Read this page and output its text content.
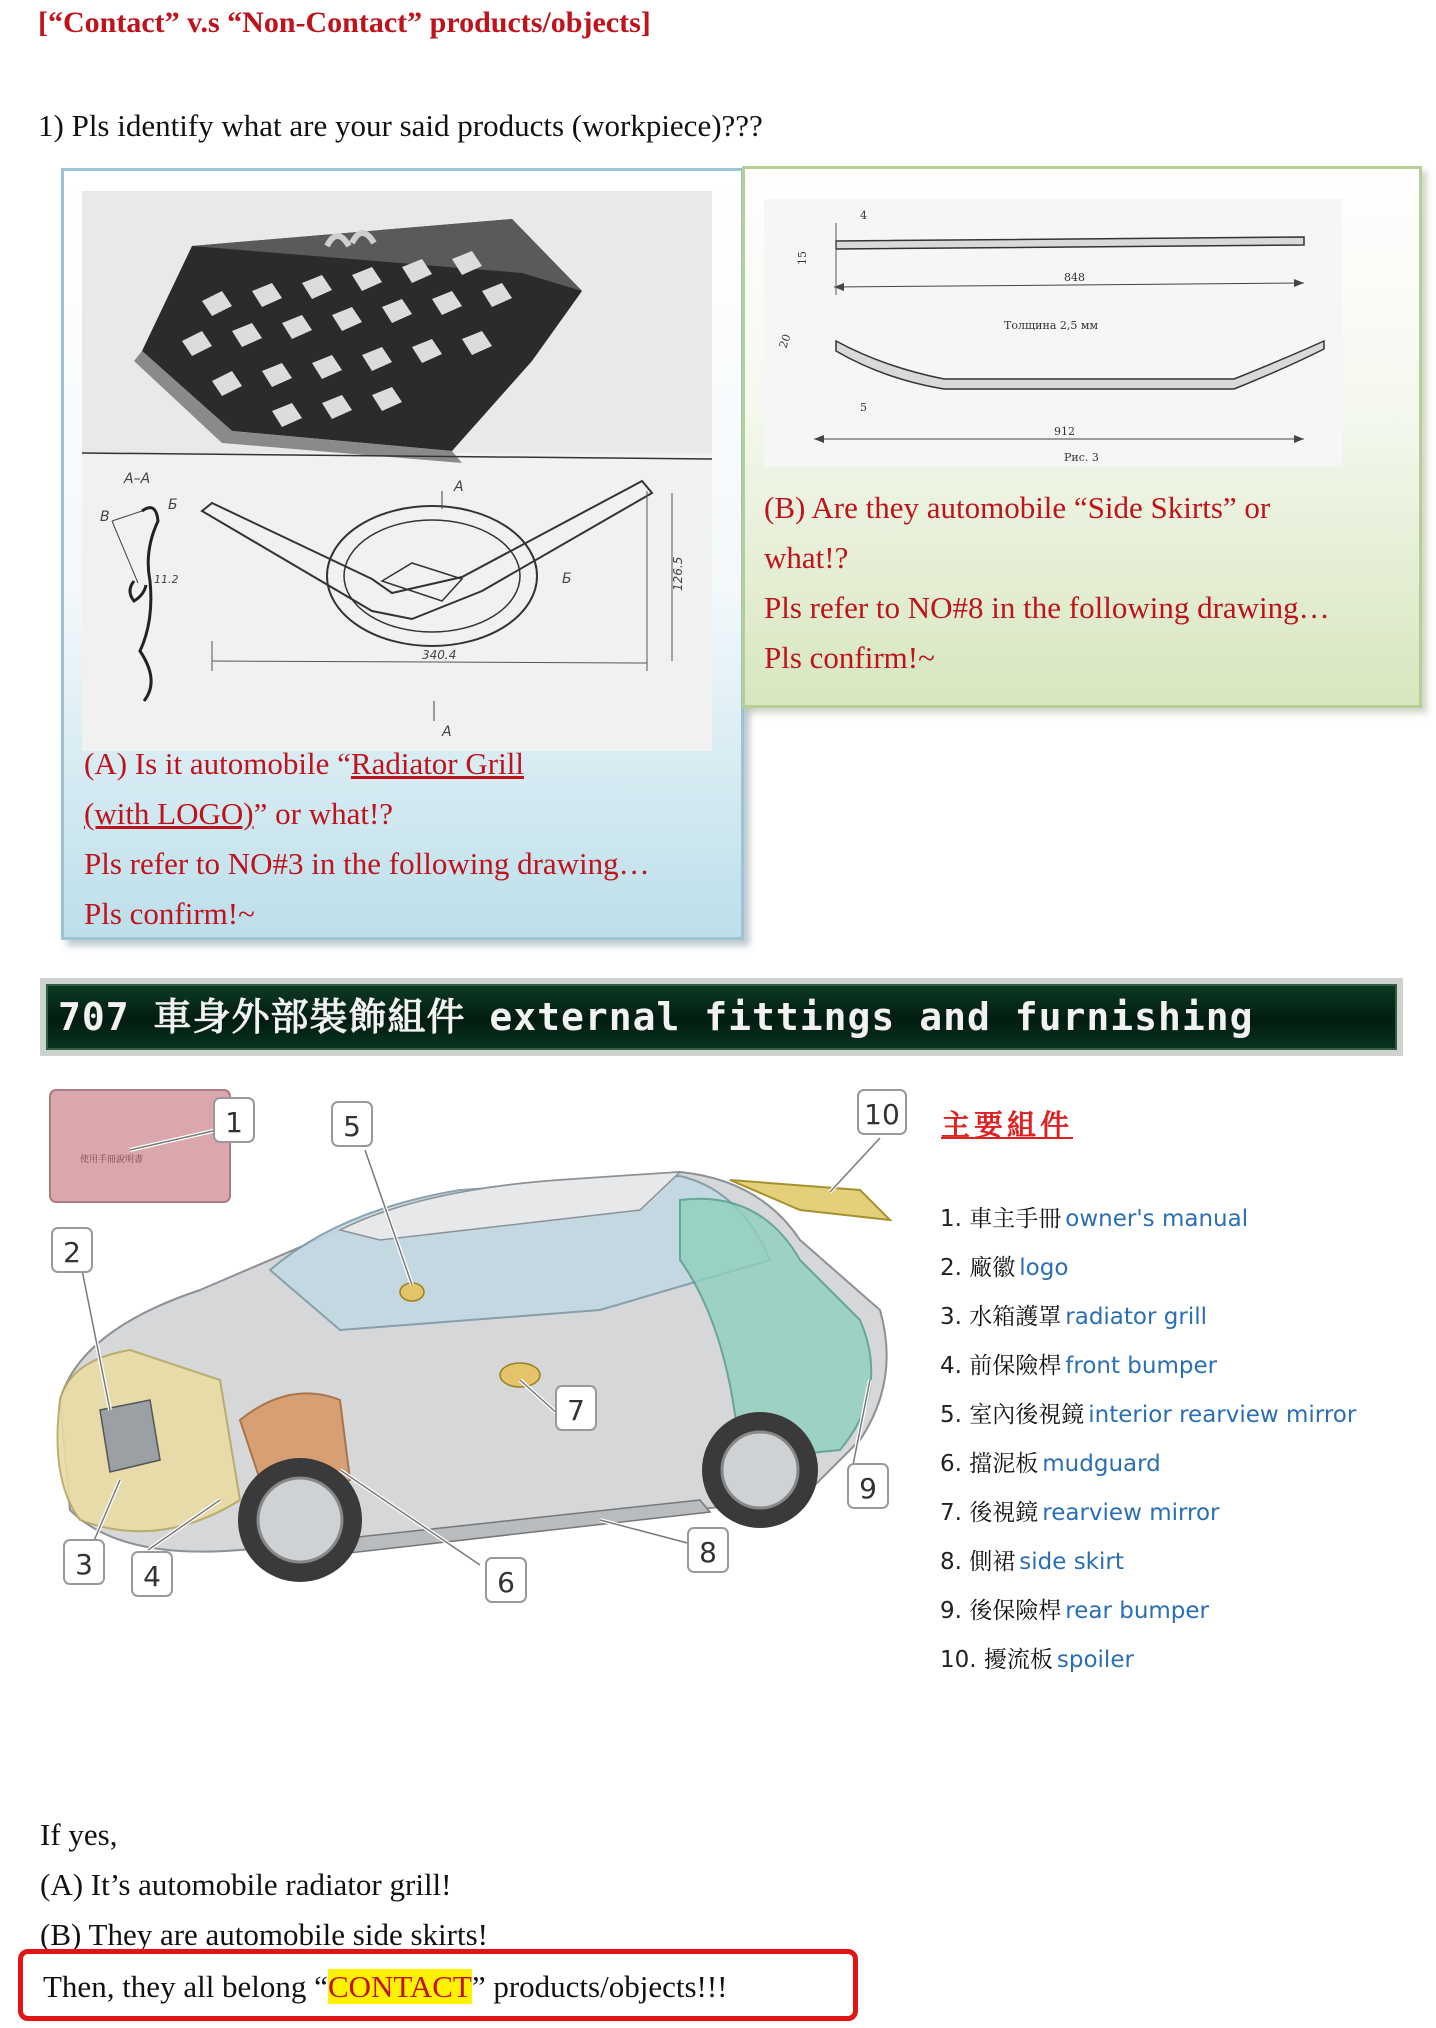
[“Contact” v.s “Non-Contact” products/objects]
1) Pls identify what are your said products (workpiece)???
A–A
В
Б
11.2	126.5
340.4
A
A
Б
(A) Is it automobile “Radiator Grill
(with LOGO)” or what!?
Pls refer to NO#3 in the following drawing…
Pls confirm!~
848
4
15
912
20
5
Толщина 2,5 мм
Рис. 3
(B) Are they automobile “Side Skirts” or
what!?
Pls refer to NO#8 in the following drawing…
Pls confirm!~
707 車身外部裝飾組件 external fittings and furnishing
使用手冊說明書
1
2
3 4
5
6
7
8
9
10 主要組件
1. 車主手冊 owner's manual
2. 廠徽 logo
3. 水箱護罩 radiator grill
4. 前保險桿 front bumper
5. 室內後視鏡 interior rearview mirror
6. 擋泥板 mudguard
7. 後視鏡 rearview mirror
8. 側裙 side skirt
9. 後保險桿 rear bumper
10. 擾流板 spoiler
If yes,
(A) It’s automobile radiator grill!
(B) They are automobile side skirts!
Then, they all belong “CONTACT” products/objects!!!
